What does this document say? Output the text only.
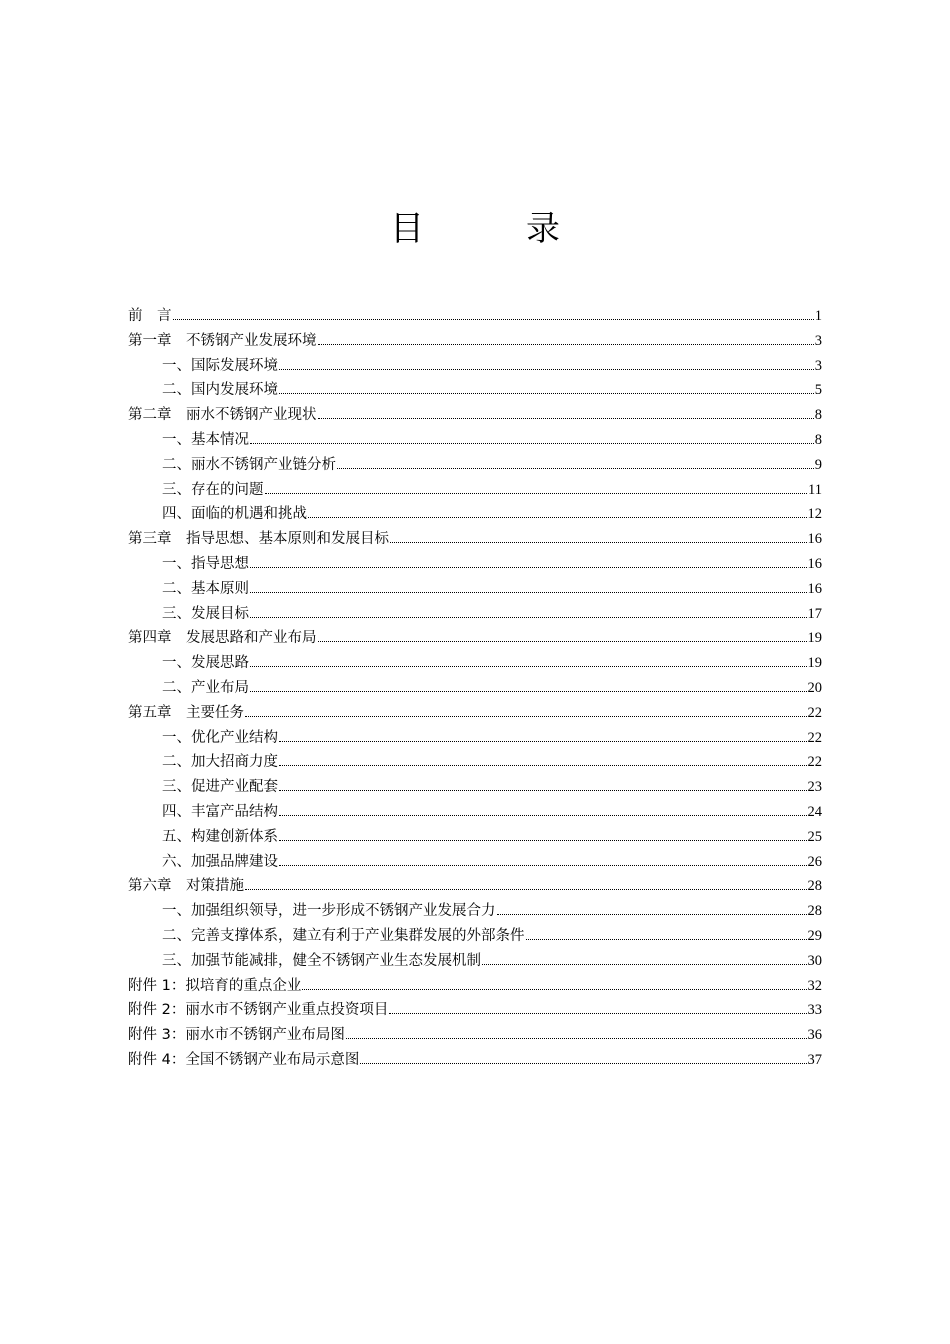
目　录
前　言	1
第一章　不锈钢产业发展环境	3
一、国际发展环境	3
二、国内发展环境	5
第二章　丽水不锈钢产业现状	8
一、基本情况	8
二、丽水不锈钢产业链分析	9
三、存在的问题	11
四、面临的机遇和挑战	12
第三章　指导思想、基本原则和发展目标	16
一、指导思想	16
二、基本原则	16
三、发展目标	17
第四章　发展思路和产业布局	19
一、发展思路	19
二、产业布局	20
第五章　主要任务	22
一、优化产业结构	22
二、加大招商力度	22
三、促进产业配套	23
四、丰富产品结构	24
五、构建创新体系	25
六、加强品牌建设	26
第六章　对策措施	28
一、加强组织领导，进一步形成不锈钢产业发展合力	28
二、完善支撑体系，建立有利于产业集群发展的外部条件	29
三、加强节能减排，健全不锈钢产业生态发展机制	30
附件 1：拟培育的重点企业	32
附件 2：丽水市不锈钢产业重点投资项目	33
附件 3：丽水市不锈钢产业布局图	36
附件 4：全国不锈钢产业布局示意图	37
